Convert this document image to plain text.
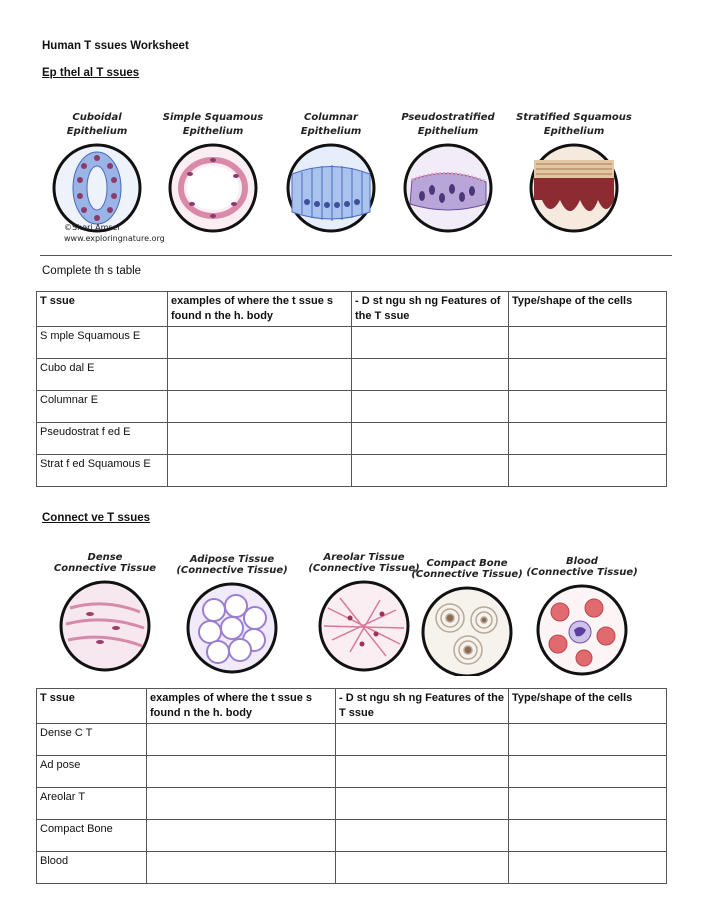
Human T ssues Worksheet
Ep thel al T ssues
Cuboidal
Epithelium
Simple Squamous
Epithelium
Columnar
Epithelium
Pseudostratified
Epithelium
Stratified Squamous
Epithelium
©Sheri Amsel
www.exploringnature.org
Complete th s table
T ssue	examples of where the t ssue s found n the h. body	- D st ngu sh ng Features of the T ssue	Type/shape of the cells
S mple Squamous E			
Cubo dal E			
Columnar E			
Pseudostrat f ed E			
Strat f ed Squamous E			
Connect ve T ssues
Dense
Connective Tissue
Adipose Tissue
(Connective Tissue)
Areolar Tissue
(Connective Tissue) Compact Bone
(Connective Tissue)
Blood
(Connective Tissue)
T ssue	examples of where the t ssue s found n the h. body	- D st ngu sh ng Features of the T ssue	Type/shape of the cells
Dense C T			
Ad pose			
Areolar T			
Compact Bone			
Blood			
